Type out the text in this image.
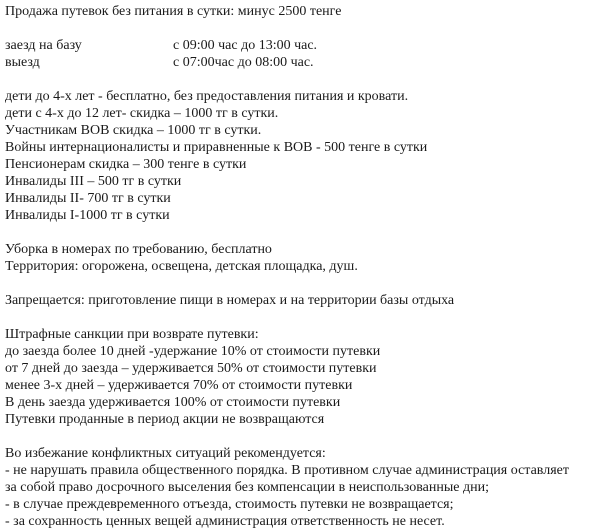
Продажа путевок без питания в сутки: минус 2500 тенге
заезд на базу	с 09:00 час до 13:00 час.
выезд	с 07:00час до 08:00 час.
дети до 4-х лет - бесплатно, без предоставления питания и кровати.
дети с 4-х до 12 лет- скидка – 1000 тг в сутки.
Участникам ВОВ скидка – 1000 тг в сутки.
Войны интернационалисты и приравненные к ВОВ - 500 тенге в сутки
Пенсионерам скидка – 300 тенге в сутки
Инвалиды III – 500 тг в сутки
Инвалиды II- 700 тг в сутки
Инвалиды I-1000 тг в сутки
Уборка в номерах по требованию, бесплатно
Территория: огорожена, освещена, детская площадка, душ.
Запрещается: приготовление пищи в номерах и на территории базы отдыха
Штрафные санкции при возврате путевки:
до заезда более 10 дней -удержание 10% от стоимости путевки
от 7 дней до заезда – удерживается 50% от стоимости путевки
менее 3-х дней – удерживается 70% от стоимости путевки
В день заезда удерживается 100% от стоимости путевки
Путевки проданные в период акции не возвращаются
Во избежание конфликтных ситуаций рекомендуется:
- не нарушать правила общественного порядка. В противном случае администрация оставляет
за собой право досрочного выселения без компенсации в неиспользованные дни;
- в случае преждевременного отъезда, стоимость путевки не возвращается;
- за сохранность ценных вещей администрация ответственность не несет.
